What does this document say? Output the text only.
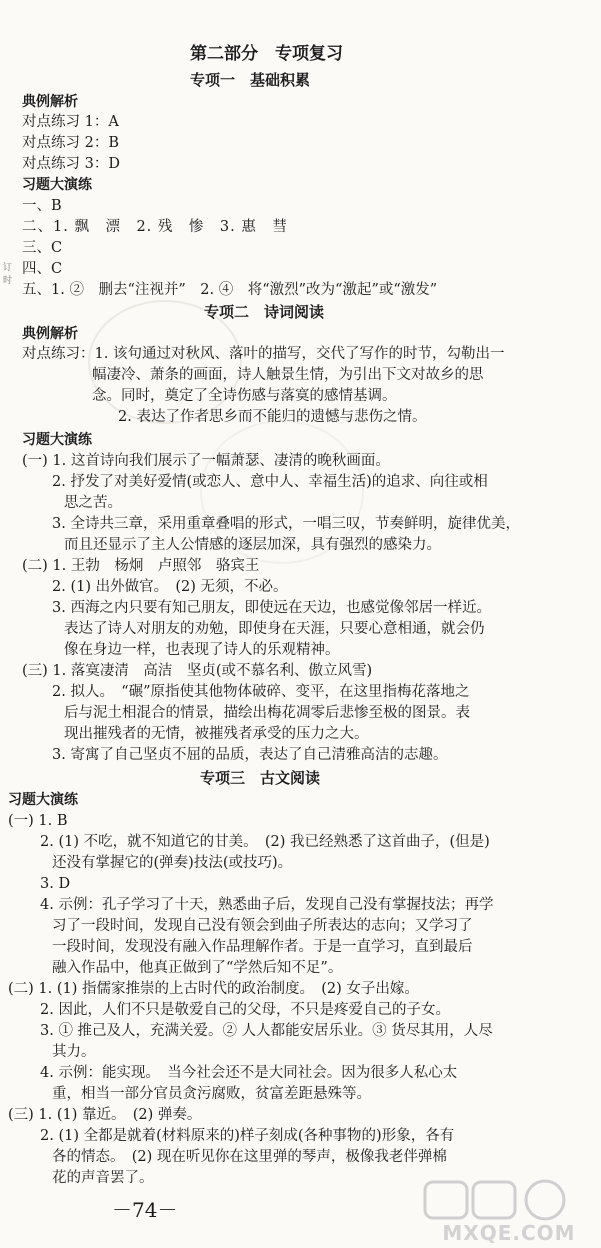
订
时
第二部分　专项复习
专项一　基础积累
典例解析
对点练习 1：A
对点练习 2：B
对点练习 3：D
习题大演练
一、B
二、1. 飘　漂　2. 残　惨　3. 惠　彗
三、C
四、C
五、1. ②　删去“注视并”　2. ④　将“激烈”改为“激起”或“激发”
专项二　诗词阅读
典例解析
对点练习：1. 该句通过对秋风、落叶的描写，交代了写作的时节，勾勒出一
幅凄冷、萧条的画面，诗人触景生情，为引出下文对故乡的思
念。同时，奠定了全诗伤感与落寞的感情基调。
2. 表达了作者思乡而不能归的遗憾与悲伤之情。
习题大演练
(一) 1. 这首诗向我们展示了一幅萧瑟、凄清的晚秋画面。
2. 抒发了对美好爱情(或恋人、意中人、幸福生活)的追求、向往或相
思之苦。
3. 全诗共三章，采用重章叠唱的形式，一唱三叹，节奏鲜明，旋律优美，
而且还显示了主人公情感的逐层加深，具有强烈的感染力。
(二) 1. 王勃　杨炯　卢照邻　骆宾王
2. (1) 出外做官。　(2) 无须，不必。
3. 西海之内只要有知己朋友，即使远在天边，也感觉像邻居一样近。
表达了诗人对朋友的劝勉，即使身在天涯，只要心意相通，就会仍
像在身边一样，也表现了诗人的乐观精神。
(三) 1. 落寞凄清　高洁　坚贞(或不慕名利、傲立风雪)
2. 拟人。　“碾”原指使其他物体破碎、变平，在这里指梅花落地之
后与泥土相混合的情景，描绘出梅花凋零后悲惨至极的图景。表
现出摧残者的无情，被摧残者承受的压力之大。
3. 寄寓了自己坚贞不屈的品质，表达了自己清雅高洁的志趣。
专项三　古文阅读
习题大演练
(一) 1. B
2. (1) 不吃，就不知道它的甘美。　(2) 我已经熟悉了这首曲子，(但是)
还没有掌握它的(弹奏)技法(或技巧)。
3. D
4. 示例：孔子学习了十天，熟悉曲子后，发现自己没有掌握技法；再学
习了一段时间，发现自己没有领会到曲子所表达的志向；又学习了
一段时间，发现没有融入作品理解作者。于是一直学习，直到最后
融入作品中，他真正做到了“学然后知不足”。
(二) 1. (1) 指儒家推崇的上古时代的政治制度。　(2) 女子出嫁。
2. 因此，人们不只是敬爱自己的父母，不只是疼爱自己的子女。
3. ① 推己及人，充满关爱。② 人人都能安居乐业。③ 货尽其用，人尽
其力。
4. 示例：能实现。　当今社会还不是大同社会。因为很多人私心太
重，相当一部分官员贪污腐败，贫富差距悬殊等。
(三) 1. (1) 靠近。　(2) 弹奏。
2. (1) 全都是就着(材料原来的)样子刻成(各种事物的)形象，各有
各的情态。　(2) 现在听见你在这里弹的琴声，极像我老伴弹棉
花的声音罢了。
－74－
MXQE.COM
